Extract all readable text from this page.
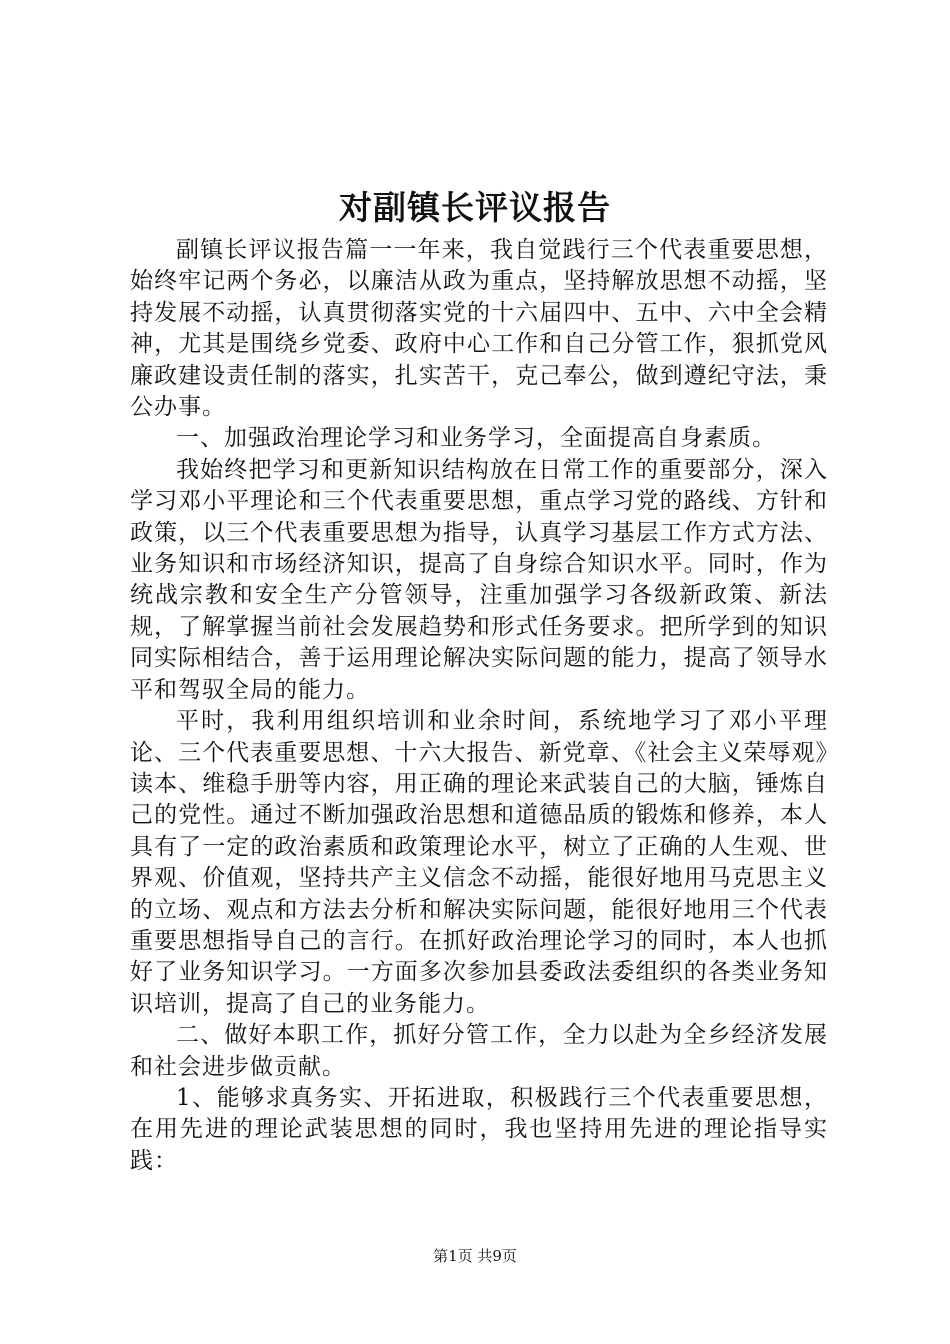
对副镇长评议报告

副镇长评议报告篇一一年来，我自觉践行三个代表重要思想，始终牢记两个务必，以廉洁从政为重点，坚持解放思想不动摇，坚持发展不动摇，认真贯彻落实党的十六届四中、五中、六中全会精神，尤其是围绕乡党委、政府中心工作和自己分管工作，狠抓党风廉政建设责任制的落实，扎实苦干，克己奉公，做到遵纪守法，秉公办事。

一、加强政治理论学习和业务学习，全面提高自身素质。

我始终把学习和更新知识结构放在日常工作的重要部分，深入学习邓小平理论和三个代表重要思想，重点学习党的路线、方针和政策，以三个代表重要思想为指导，认真学习基层工作方式方法、业务知识和市场经济知识，提高了自身综合知识水平。同时，作为统战宗教和安全生产分管领导，注重加强学习各级新政策、新法规，了解掌握当前社会发展趋势和形式任务要求。把所学到的知识同实际相结合，善于运用理论解决实际问题的能力，提高了领导水平和驾驭全局的能力。

平时，我利用组织培训和业余时间，系统地学习了邓小平理论、三个代表重要思想、十六大报告、新党章、《社会主义荣辱观》读本、维稳手册等内容，用正确的理论来武装自己的大脑，锤炼自己的党性。通过不断加强政治思想和道德品质的锻炼和修养，本人具有了一定的政治素质和政策理论水平，树立了正确的人生观、世界观、价值观，坚持共产主义信念不动摇，能很好地用马克思主义的立场、观点和方法去分析和解决实际问题，能很好地用三个代表重要思想指导自己的言行。在抓好政治理论学习的同时，本人也抓好了业务知识学习。一方面多次参加县委政法委组织的各类业务知识培训，提高了自己的业务能力。

二、做好本职工作，抓好分管工作，全力以赴为全乡经济发展和社会进步做贡献。

1、能够求真务实、开拓进取，积极践行三个代表重要思想，在用先进的理论武装思想的同时，我也坚持用先进的理论指导实践：

第1页 共9页
